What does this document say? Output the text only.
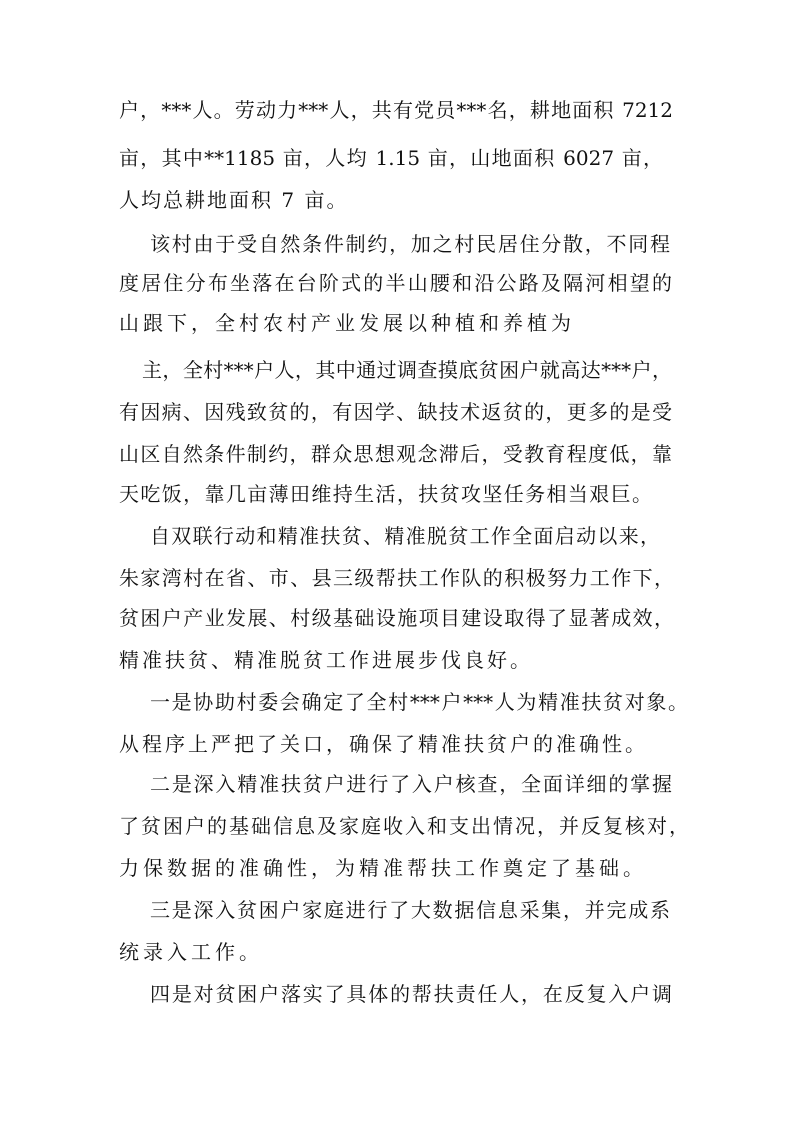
户，***人。劳动力***人，共有党员***名，耕地面积 7212
亩，其中**1185 亩，人均 1.15 亩，山地面积 6027 亩，
人均总耕地面积 7 亩。
该村由于受自然条件制约，加之村民居住分散，不同程
度居住分布坐落在台阶式的半山腰和沿公路及隔河相望的
山跟下，全村农村产业发展以种植和养植为
主，全村***户人，其中通过调查摸底贫困户就高达***户，
有因病、因残致贫的，有因学、缺技术返贫的，更多的是受
山区自然条件制约，群众思想观念滞后，受教育程度低，靠
天吃饭，靠几亩薄田维持生活，扶贫攻坚任务相当艰巨。
自双联行动和精准扶贫、精准脱贫工作全面启动以来，
朱家湾村在省、市、县三级帮扶工作队的积极努力工作下，
贫困户产业发展、村级基础设施项目建设取得了显著成效，
精准扶贫、精准脱贫工作进展步伐良好。
一是协助村委会确定了全村***户***人为精准扶贫对象。
从程序上严把了关口，确保了精准扶贫户的准确性。
二是深入精准扶贫户进行了入户核查，全面详细的掌握
了贫困户的基础信息及家庭收入和支出情况，并反复核对，
力保数据的准确性，为精准帮扶工作奠定了基础。
三是深入贫困户家庭进行了大数据信息采集，并完成系
统录入工作。
四是对贫困户落实了具体的帮扶责任人，在反复入户调
